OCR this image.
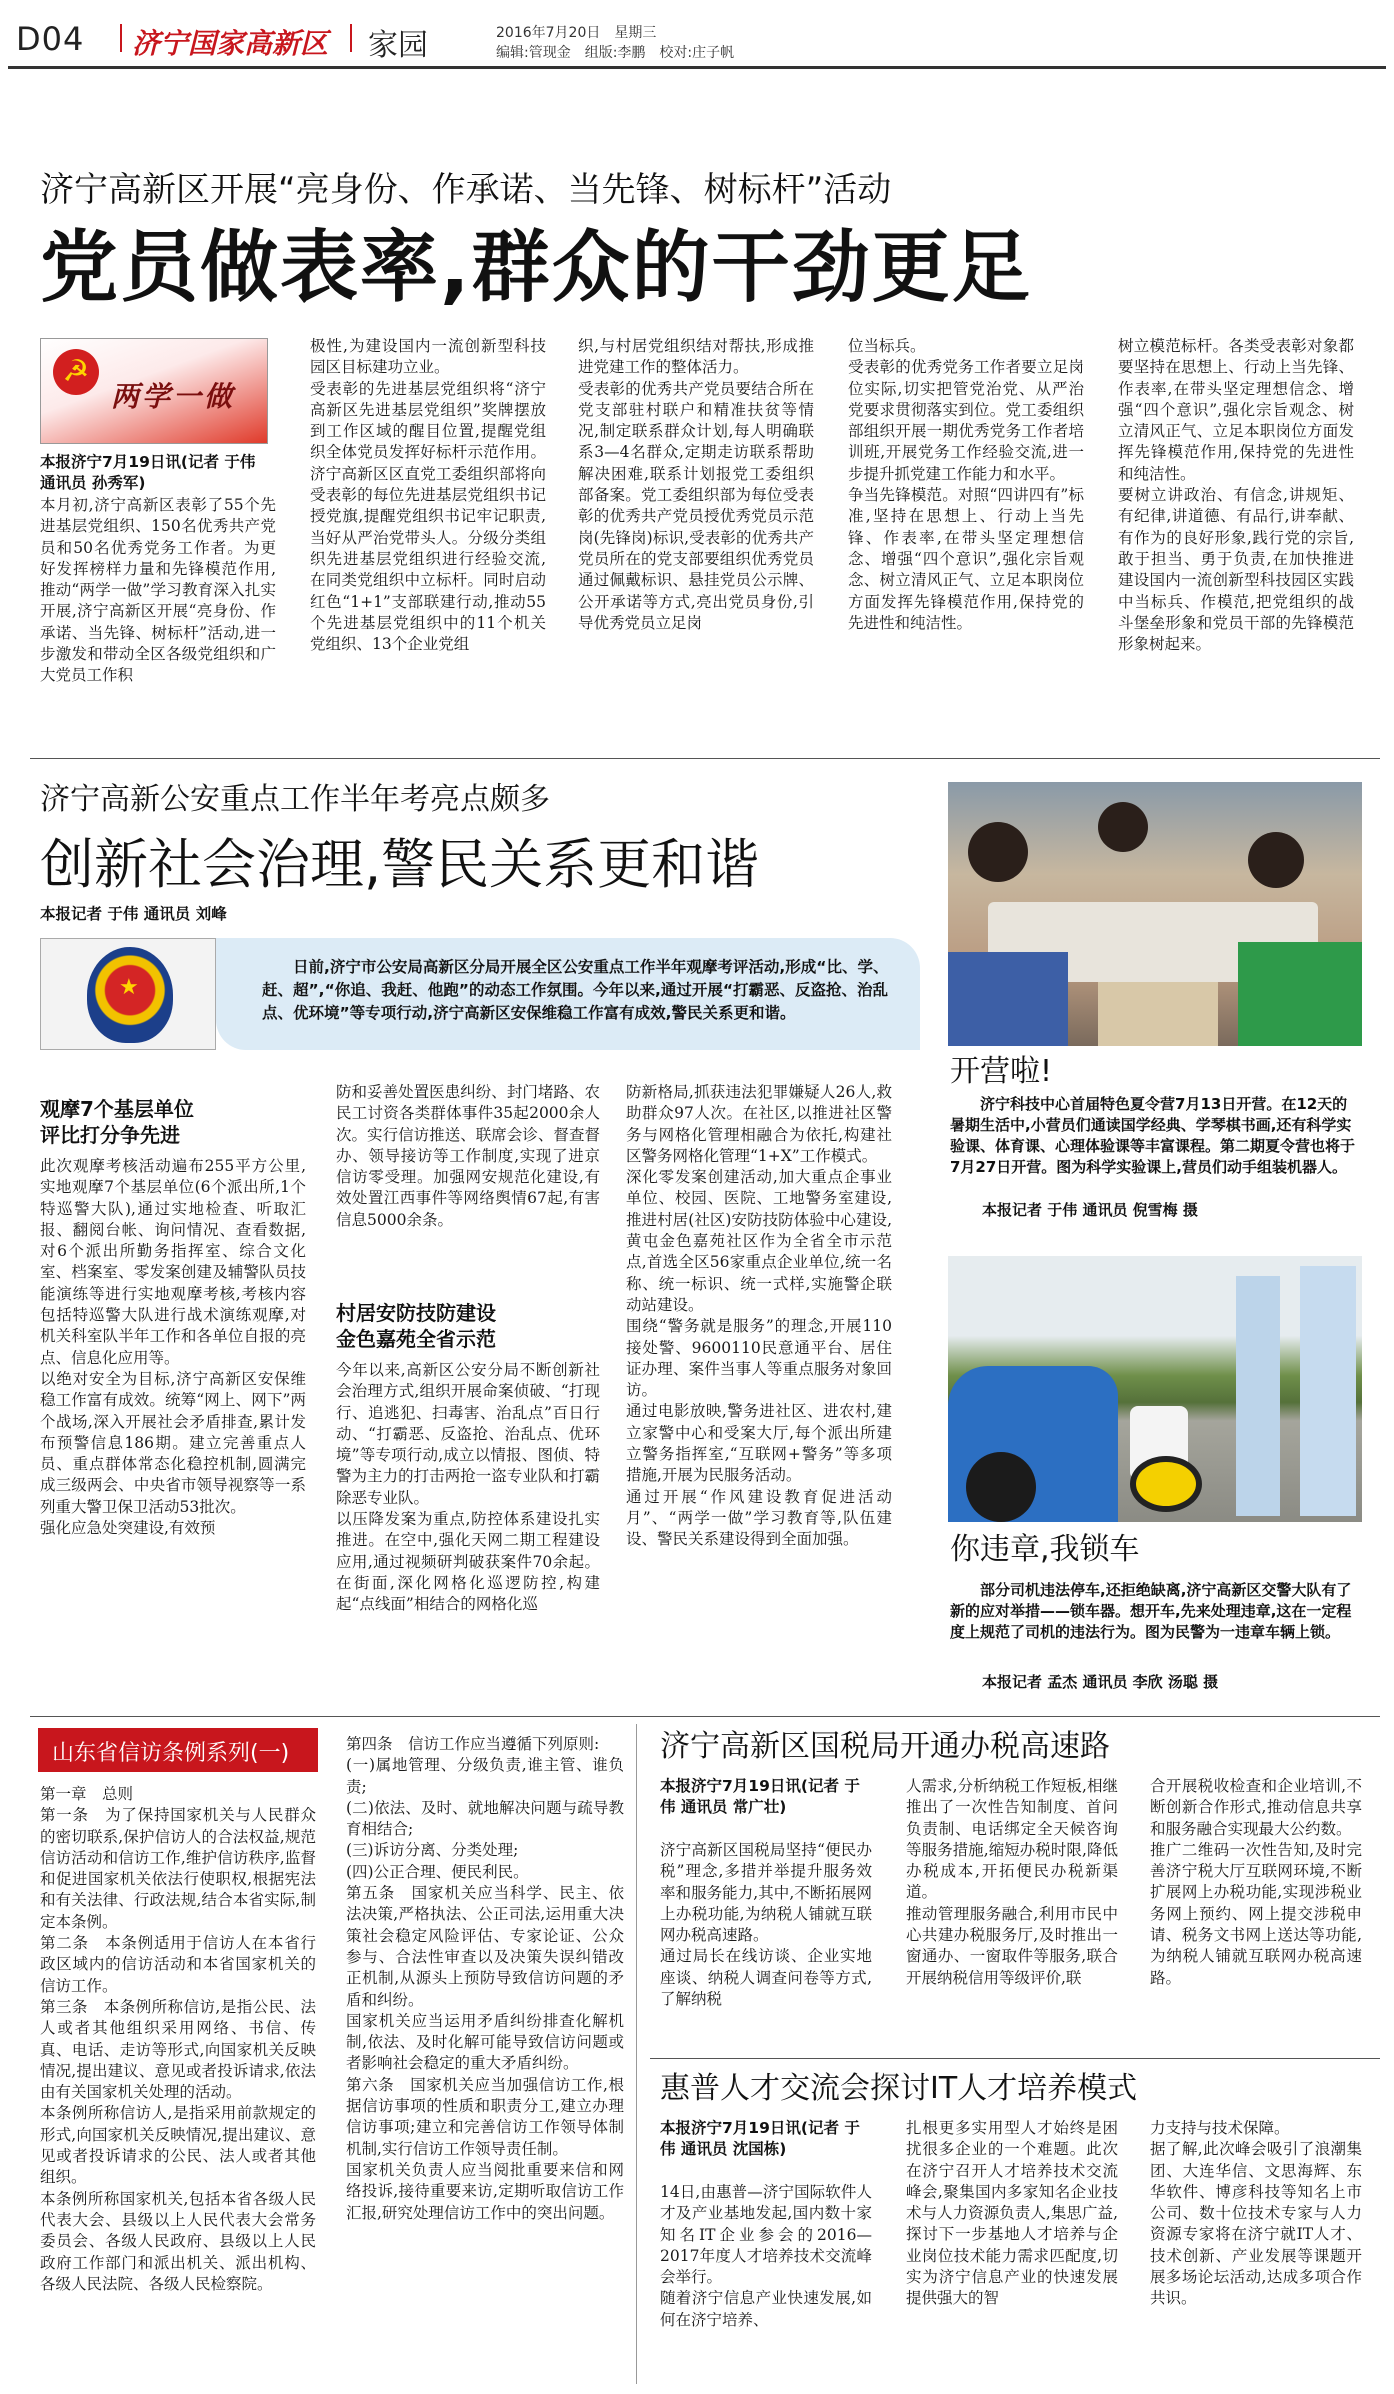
D04 济宁国家高新区 家园	2016年7月20日　星期三
编辑:管现金　组版:李鹏　校对:庄子帆
济宁高新区开展“亮身份、作承诺、当先锋、树标杆”活动
党员做表率,群众的干劲更足
☭
两学一做
本报济宁7月19日讯(记者 于伟 通讯员 孙秀军)
本月初,济宁高新区表彰了55个先进基层党组织、150名优秀共产党员和50名优秀党务工作者。为更好发挥榜样力量和先锋模范作用,推动“两学一做”学习教育深入扎实开展,济宁高新区开展“亮身份、作承诺、当先锋、树标杆”活动,进一步激发和带动全区各级党组织和广大党员工作积
极性,为建设国内一流创新型科技园区目标建功立业。
受表彰的先进基层党组织将“济宁高新区先进基层党组织”奖牌摆放到工作区域的醒目位置,提醒党组织全体党员发挥好标杆示范作用。济宁高新区区直党工委组织部将向受表彰的每位先进基层党组织书记授党旗,提醒党组织书记牢记职责,当好从严治党带头人。分级分类组织先进基层党组织进行经验交流,在同类党组织中立标杆。同时启动红色“1+1”支部联建行动,推动55个先进基层党组织中的11个机关党组织、13个企业党组
织,与村居党组织结对帮扶,形成推进党建工作的整体活力。
受表彰的优秀共产党员要结合所在党支部驻村联户和精准扶贫等情况,制定联系群众计划,每人明确联系3—4名群众,定期走访联系帮助解决困难,联系计划报党工委组织部备案。党工委组织部为每位受表彰的优秀共产党员授优秀党员示范岗(先锋岗)标识,受表彰的优秀共产党员所在的党支部要组织优秀党员通过佩戴标识、悬挂党员公示牌、公开承诺等方式,亮出党员身份,引导优秀党员立足岗
位当标兵。
受表彰的优秀党务工作者要立足岗位实际,切实把管党治党、从严治党要求贯彻落实到位。党工委组织部组织开展一期优秀党务工作者培训班,开展党务工作经验交流,进一步提升抓党建工作能力和水平。
争当先锋模范。对照“四讲四有”标准,坚持在思想上、行动上当先锋、作表率,在带头坚定理想信念、增强“四个意识”,强化宗旨观念、树立清风正气、立足本职岗位方面发挥先锋模范作用,保持党的先进性和纯洁性。
树立模范标杆。各类受表彰对象都要坚持在思想上、行动上当先锋、作表率,在带头坚定理想信念、增强“四个意识”,强化宗旨观念、树立清风正气、立足本职岗位方面发挥先锋模范作用,保持党的先进性和纯洁性。
要树立讲政治、有信念,讲规矩、有纪律,讲道德、有品行,讲奉献、有作为的良好形象,践行党的宗旨,敢于担当、勇于负责,在加快推进建设国内一流创新型科技园区实践中当标兵、作模范,把党组织的战斗堡垒形象和党员干部的先锋模范形象树起来。
济宁高新公安重点工作半年考亮点颇多
创新社会治理,警民关系更和谐
本报记者 于伟 通讯员 刘峰
★
日前,济宁市公安局高新区分局开展全区公安重点工作半年观摩考评活动,形成“比、学、赶、超”,“你追、我赶、他跑”的动态工作氛围。今年以来,通过开展“打霸恶、反盗抢、治乱点、优环境”等专项行动,济宁高新区安保维稳工作富有成效,警民关系更和谐。
观摩7个基层单位
评比打分争先进
此次观摩考核活动遍布255平方公里,实地观摩7个基层单位(6个派出所,1个特巡警大队),通过实地检查、听取汇报、翻阅台帐、询问情况、查看数据,对6个派出所勤务指挥室、综合文化室、档案室、零发案创建及辅警队员技能演练等进行实地观摩考核,考核内容包括特巡警大队进行战术演练观摩,对机关科室队半年工作和各单位自报的亮点、信息化应用等。
以绝对安全为目标,济宁高新区安保维稳工作富有成效。统筹“网上、网下”两个战场,深入开展社会矛盾排查,累计发布预警信息186期。建立完善重点人员、重点群体常态化稳控机制,圆满完成三级两会、中央省市领导视察等一系列重大警卫保卫活动53批次。
强化应急处突建设,有效预
防和妥善处置医患纠纷、封门堵路、农民工讨资各类群体事件35起2000余人次。实行信访推送、联席会诊、督查督办、领导接访等工作制度,实现了进京信访零受理。加强网安规范化建设,有效处置江西事件等网络舆情67起,有害信息5000余条。
村居安防技防建设
金色嘉苑全省示范
今年以来,高新区公安分局不断创新社会治理方式,组织开展命案侦破、“打现行、追逃犯、扫毒害、治乱点”百日行动、“打霸恶、反盗抢、治乱点、优环境”等专项行动,成立以情报、图侦、特警为主力的打击两抢一盗专业队和打霸除恶专业队。
以压降发案为重点,防控体系建设扎实推进。在空中,强化天网二期工程建设应用,通过视频研判破获案件70余起。在街面,深化网格化巡逻防控,构建起“点线面”相结合的网格化巡
防新格局,抓获违法犯罪嫌疑人26人,救助群众97人次。在社区,以推进社区警务与网格化管理相融合为依托,构建社区警务网格化管理“1+X”工作模式。
深化零发案创建活动,加大重点企事业单位、校园、医院、工地警务室建设,推进村居(社区)安防技防体验中心建设,黄屯金色嘉苑社区作为全省全市示范点,首选全区56家重点企业单位,统一名称、统一标识、统一式样,实施警企联动站建设。
围绕“警务就是服务”的理念,开展110接处警、9600110民意通平台、居住证办理、案件当事人等重点服务对象回访。
通过电影放映,警务进社区、进农村,建立家警中心和受案大厅,每个派出所建立警务指挥室,“互联网+警务”等多项措施,开展为民服务活动。
通过开展“作风建设教育促进活动月”、“两学一做”学习教育等,队伍建设、警民关系建设得到全面加强。
开营啦!
济宁科技中心首届特色夏令营7月13日开营。在12天的暑期生活中,小营员们通读国学经典、学琴棋书画,还有科学实验课、体育课、心理体验课等丰富课程。第二期夏令营也将于7月27日开营。图为科学实验课上,营员们动手组装机器人。
本报记者 于伟 通讯员 倪雪梅 摄
你违章,我锁车
部分司机违法停车,还拒绝缺离,济宁高新区交警大队有了新的应对举措——锁车器。想开车,先来处理违章,这在一定程度上规范了司机的违法行为。图为民警为一违章车辆上锁。
本报记者 孟杰 通讯员 李欣 汤聪 摄
山东省信访条例系列(一)
第一章　总则
第一条　为了保持国家机关与人民群众的密切联系,保护信访人的合法权益,规范信访活动和信访工作,维护信访秩序,监督和促进国家机关依法行使职权,根据宪法和有关法律、行政法规,结合本省实际,制定本条例。
第二条　本条例适用于信访人在本省行政区域内的信访活动和本省国家机关的信访工作。
第三条　本条例所称信访,是指公民、法人或者其他组织采用网络、书信、传真、电话、走访等形式,向国家机关反映情况,提出建议、意见或者投诉请求,依法由有关国家机关处理的活动。
本条例所称信访人,是指采用前款规定的形式,向国家机关反映情况,提出建议、意见或者投诉请求的公民、法人或者其他组织。
本条例所称国家机关,包括本省各级人民代表大会、县级以上人民代表大会常务委员会、各级人民政府、县级以上人民政府工作部门和派出机关、派出机构、各级人民法院、各级人民检察院。
第四条　信访工作应当遵循下列原则:
(一)属地管理、分级负责,谁主管、谁负责;
(二)依法、及时、就地解决问题与疏导教育相结合;
(三)诉访分离、分类处理;
(四)公正合理、便民利民。
第五条　国家机关应当科学、民主、依法决策,严格执法、公正司法,运用重大决策社会稳定风险评估、专家论证、公众参与、合法性审查以及决策失误纠错改正机制,从源头上预防导致信访问题的矛盾和纠纷。
国家机关应当运用矛盾纠纷排查化解机制,依法、及时化解可能导致信访问题或者影响社会稳定的重大矛盾纠纷。
第六条　国家机关应当加强信访工作,根据信访事项的性质和职责分工,建立办理信访事项;建立和完善信访工作领导体制机制,实行信访工作领导责任制。
国家机关负责人应当阅批重要来信和网络投诉,接待重要来访,定期听取信访工作汇报,研究处理信访工作中的突出问题。
济宁高新区国税局开通办税高速路
本报济宁7月19日讯(记者 于伟 通讯员 常广壮)
济宁高新区国税局坚持“便民办税”理念,多措并举提升服务效率和服务能力,其中,不断拓展网上办税功能,为纳税人铺就互联网办税高速路。
通过局长在线访谈、企业实地座谈、纳税人调查问卷等方式,了解纳税
人需求,分析纳税工作短板,相继推出了一次性告知制度、首问负责制、电话绑定全天候咨询等服务措施,缩短办税时限,降低办税成本,开拓便民办税新渠道。
推动管理服务融合,利用市民中心共建办税服务厅,及时推出一窗通办、一窗取件等服务,联合开展纳税信用等级评价,联
合开展税收检查和企业培训,不断创新合作形式,推动信息共享和服务融合实现最大公约数。
推广二维码一次性告知,及时完善济宁税大厅互联网环境,不断扩展网上办税功能,实现涉税业务网上预约、网上提交涉税申请、税务文书网上送达等功能,为纳税人铺就互联网办税高速路。
惠普人才交流会探讨IT人才培养模式
本报济宁7月19日讯(记者 于伟 通讯员 沈国栋)
14日,由惠普—济宁国际软件人才及产业基地发起,国内数十家知名IT企业参会的2016—2017年度人才培养技术交流峰会举行。
随着济宁信息产业快速发展,如何在济宁培养、
扎根更多实用型人才始终是困扰很多企业的一个难题。此次在济宁召开人才培养技术交流峰会,聚集国内多家知名企业技术与人力资源负责人,集思广益,探讨下一步基地人才培养与企业岗位技术能力需求匹配度,切实为济宁信息产业的快速发展提供强大的智
力支持与技术保障。
据了解,此次峰会吸引了浪潮集团、大连华信、文思海辉、东华软件、博彦科技等知名上市公司、数十位技术专家与人力资源专家将在济宁就IT人才、技术创新、产业发展等课题开展多场论坛活动,达成多项合作共识。
